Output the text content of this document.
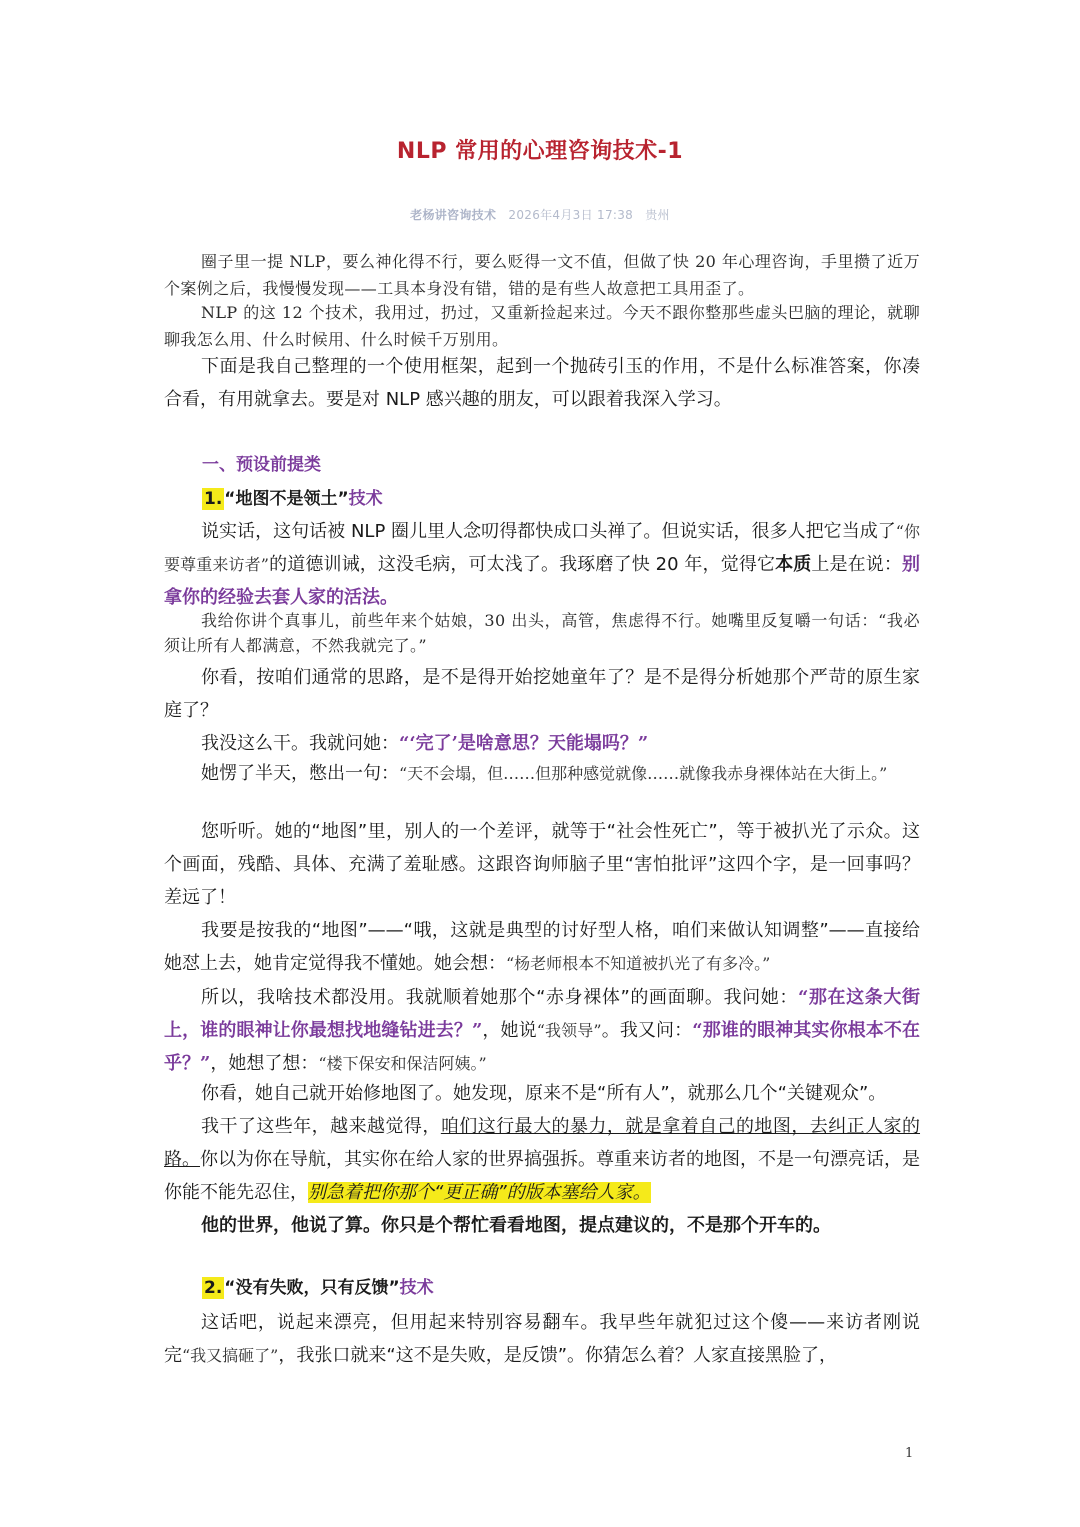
NLP 常用的心理咨询技术-1
老杨讲咨询技术 2026年4月3日 17:38 贵州
圈子里一提 NLP，要么神化得不行，要么贬得一文不值，但做了快 20 年心理咨询，手里攒了近万个案例之后，我慢慢发现——工具本身没有错，错的是有些人故意把工具用歪了。
NLP 的这 12 个技术，我用过，扔过，又重新捡起来过。今天不跟你整那些虚头巴脑的理论，就聊聊我怎么用、什么时候用、什么时候千万别用。
下面是我自己整理的一个使用框架，起到一个抛砖引玉的作用，不是什么标准答案，你凑合看，有用就拿去。要是对 NLP 感兴趣的朋友，可以跟着我深入学习。
一、预设前提类
1. “地图不是领土”技术
说实话，这句话被 NLP 圈儿里人念叨得都快成口头禅了。但说实话，很多人把它当成了“你要尊重来访者”的道德训诫，这没毛病，可太浅了。我琢磨了快 20 年，觉得它本质上是在说：别拿你的经验去套人家的活法。
我给你讲个真事儿，前些年来个姑娘，30 出头，高管，焦虑得不行。她嘴里反复嚼一句话：“我必须让所有人都满意，不然我就完了。”
你看，按咱们通常的思路，是不是得开始挖她童年了？是不是得分析她那个严苛的原生家庭了？
我没这么干。我就问她：“‘完了’是啥意思？天能塌吗？”
她愣了半天，憋出一句：“天不会塌，但……但那种感觉就像……就像我赤身裸体站在大街上。”
您听听。她的“地图”里，别人的一个差评，就等于“社会性死亡”，等于被扒光了示众。这个画面，残酷、具体、充满了羞耻感。这跟咨询师脑子里“害怕批评”这四个字，是一回事吗？差远了！
我要是按我的“地图”——“哦，这就是典型的讨好型人格，咱们来做认知调整”——直接给她怼上去，她肯定觉得我不懂她。她会想：“杨老师根本不知道被扒光了有多冷。”
所以，我啥技术都没用。我就顺着她那个“赤身裸体”的画面聊。我问她：“那在这条大街上，谁的眼神让你最想找地缝钻进去？”，她说“我领导”。我又问：“那谁的眼神其实你根本不在乎？”，她想了想：“楼下保安和保洁阿姨。”
你看，她自己就开始修地图了。她发现，原来不是“所有人”，就那么几个“关键观众”。
我干了这些年，越来越觉得，咱们这行最大的暴力，就是拿着自己的地图，去纠正人家的路。你以为你在导航，其实你在给人家的世界搞强拆。尊重来访者的地图，不是一句漂亮话，是你能不能先忍住，别急着把你那个“更正确”的版本塞给人家。
他的世界，他说了算。你只是个帮忙看看地图，提点建议的，不是那个开车的。
2. “没有失败，只有反馈”技术
这话吧，说起来漂亮，但用起来特别容易翻车。我早些年就犯过这个傻——来访者刚说完“我又搞砸了”，我张口就来“这不是失败，是反馈”。你猜怎么着？人家直接黑脸了，
1
